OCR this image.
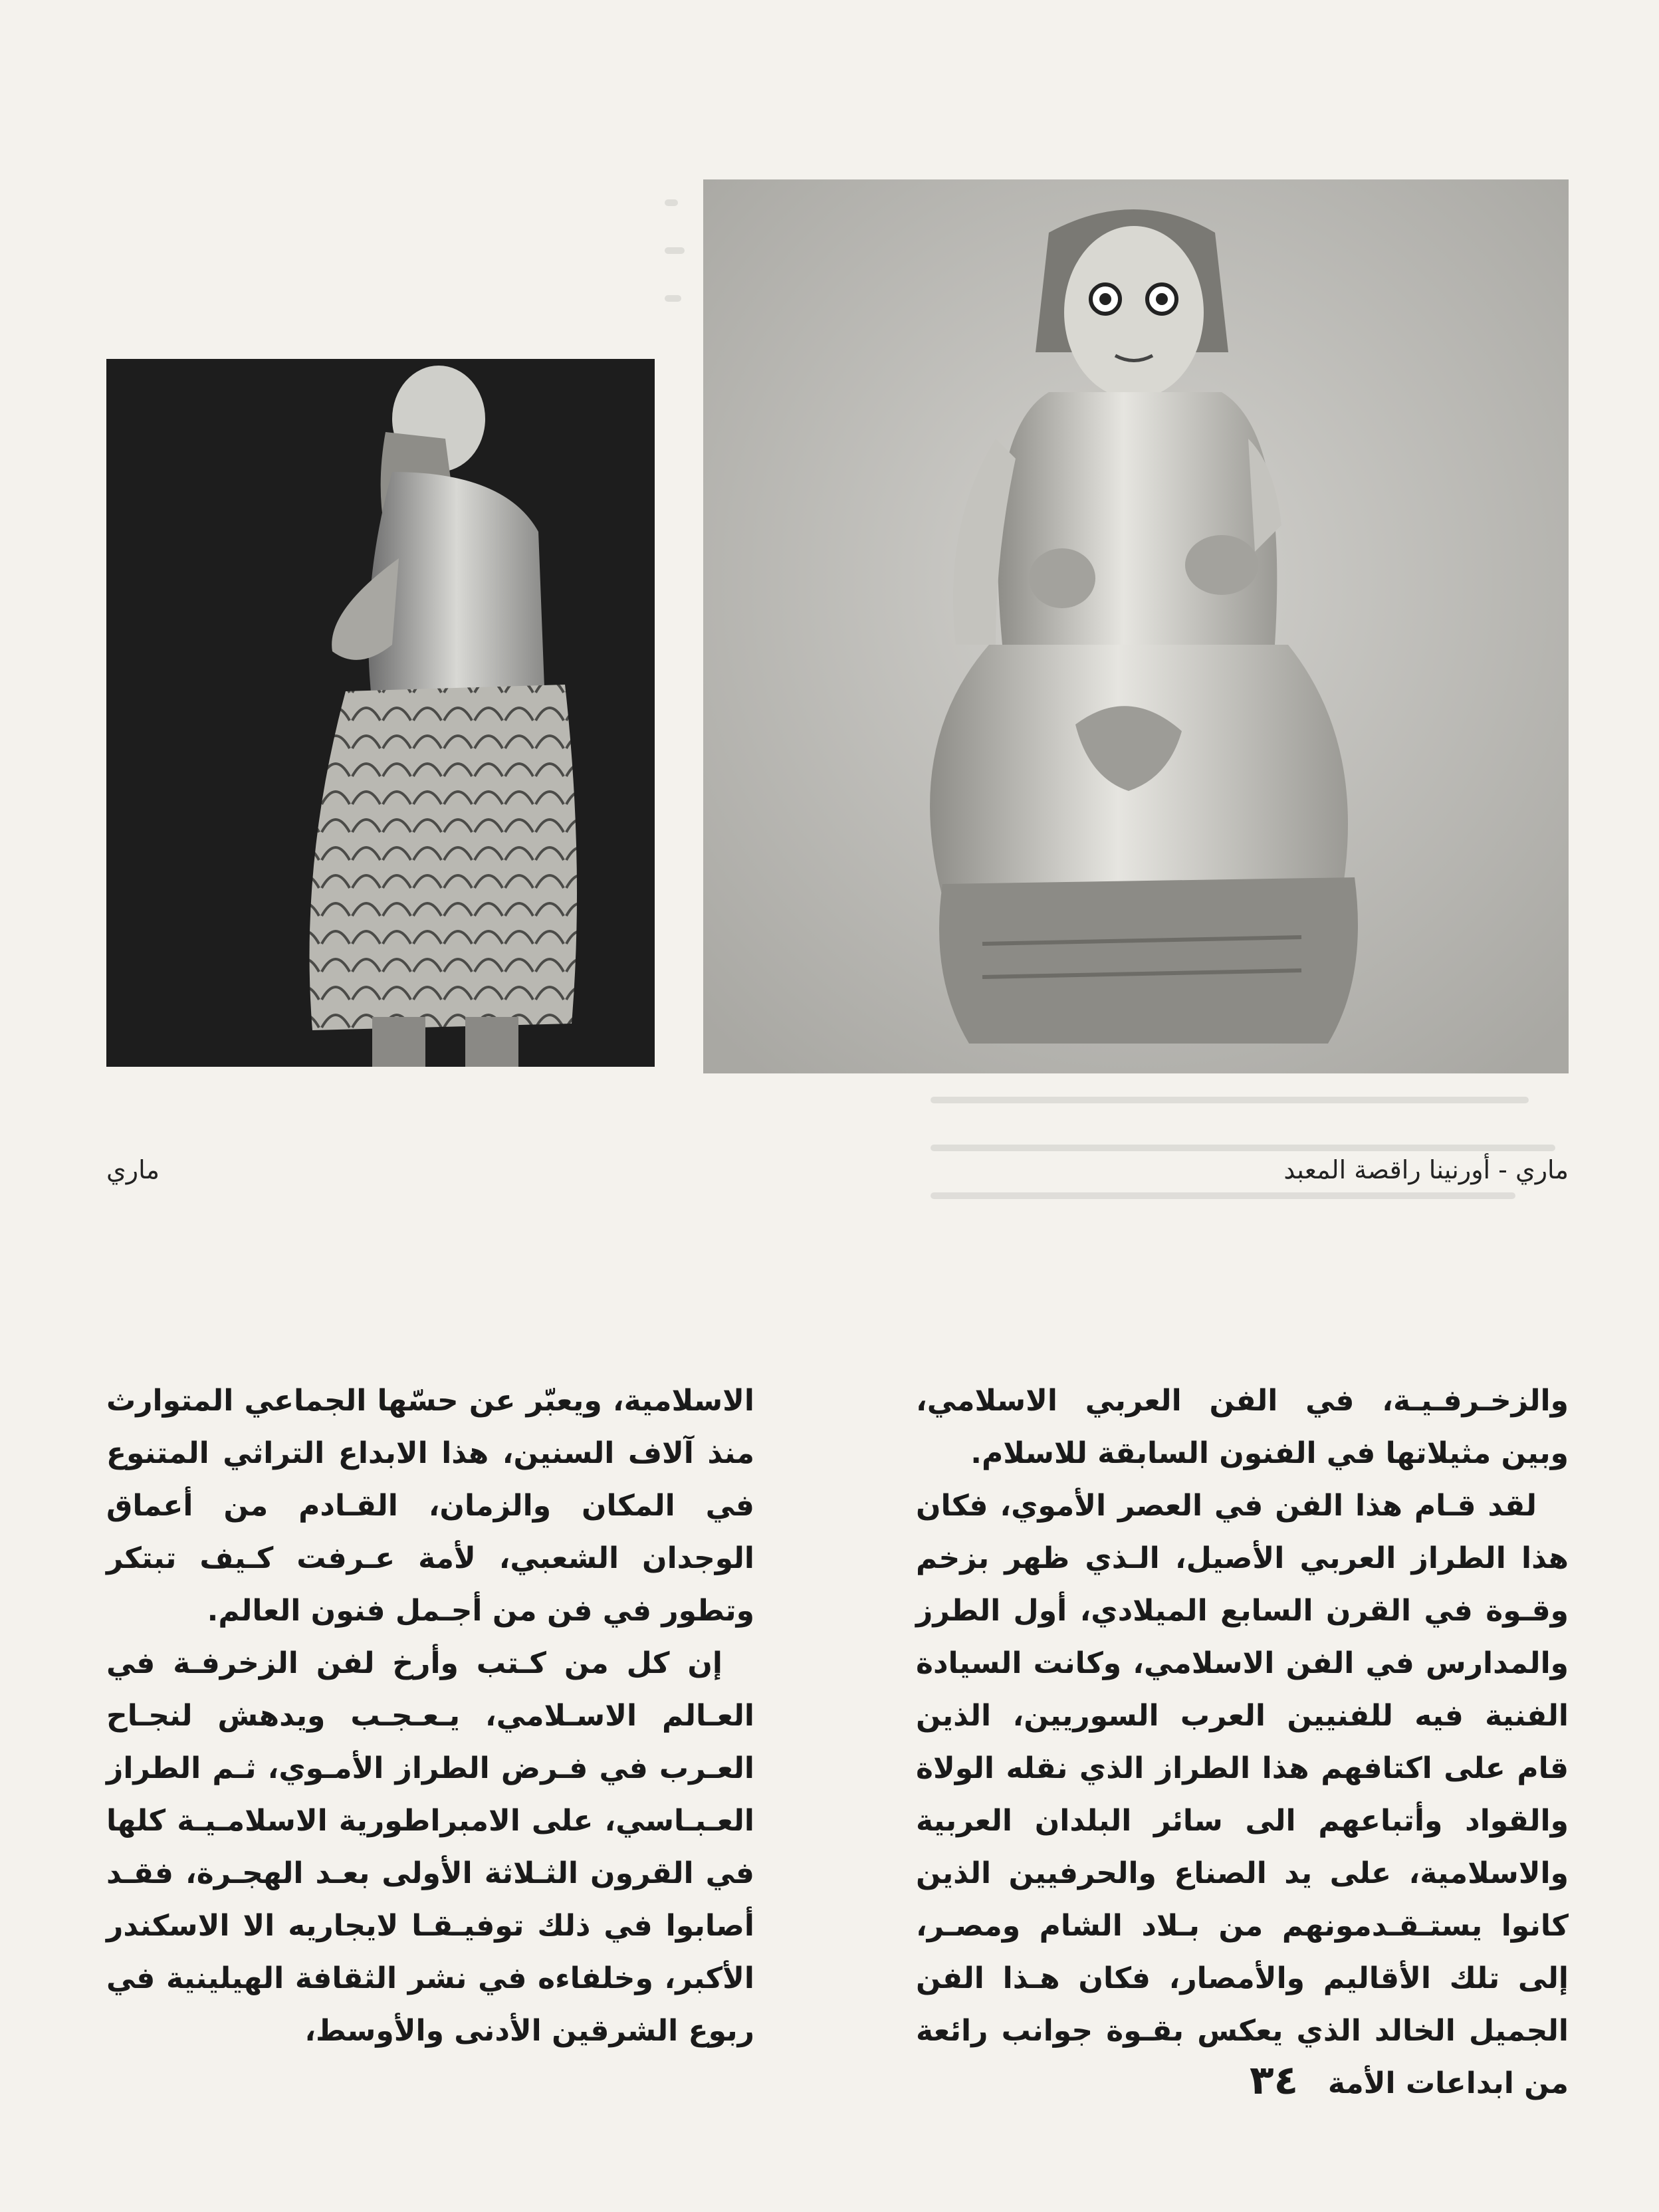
ماري	ماري - أورنينا راقصة المعبد

والزخـرفـيـة، في الفن العربي الاسلامي، وبين مثيلاتها في الفنون السابقة للاسلام.

لقد قـام هذا الفن في العصر الأموي، فكان هذا الطراز العربي الأصيل، الـذي ظهر بزخم وقـوة في القرن السابع الميلادي، أول الطرز والمدارس في الفن الاسلامي، وكانت السيادة الفنية فيه للفنيين العرب السوريين، الذين قام على اكتافهم هذا الطراز الذي نقله الولاة والقواد وأتباعهم الى سائر البلدان العربية والاسلامية، على يد الصناع والحرفيين الذين كانوا يستـقـدمونهم من بـلاد الشام ومصـر، إلى تلك الأقاليم والأمصار، فكان هـذا الفن الجميل الخالد الذي يعكس بقـوة جوانب رائعة من ابداعات الأمة

الاسلامية، ويعبّر عن حسّها الجماعي المتوارث منذ آلاف السنين، هذا الابداع التراثي المتنوع في المكان والزمان، القـادم من أعماق الوجدان الشعبي، لأمة عـرفت كـيف تبتكر وتطور في فن من أجـمل فنون العالم.

إن كل من كـتب وأرخ لفن الزخرفـة في العـالم الاسـلامي، يـعـجـب ويدهش لنجـاح العـرب في فـرض الطراز الأمـوي، ثـم الطراز العـبـاسي، على الامبراطورية الاسلامـيـة كلها في القرون الثـلاثة الأولى بعـد الهجـرة، فقـد أصابوا في ذلك توفيـقـا لايجاريه الا الاسكندر الأكبر، وخلفاءه في نشر الثقافة الهيلينية في ربوع الشرقين الأدنى والأوسط،

٣٤
